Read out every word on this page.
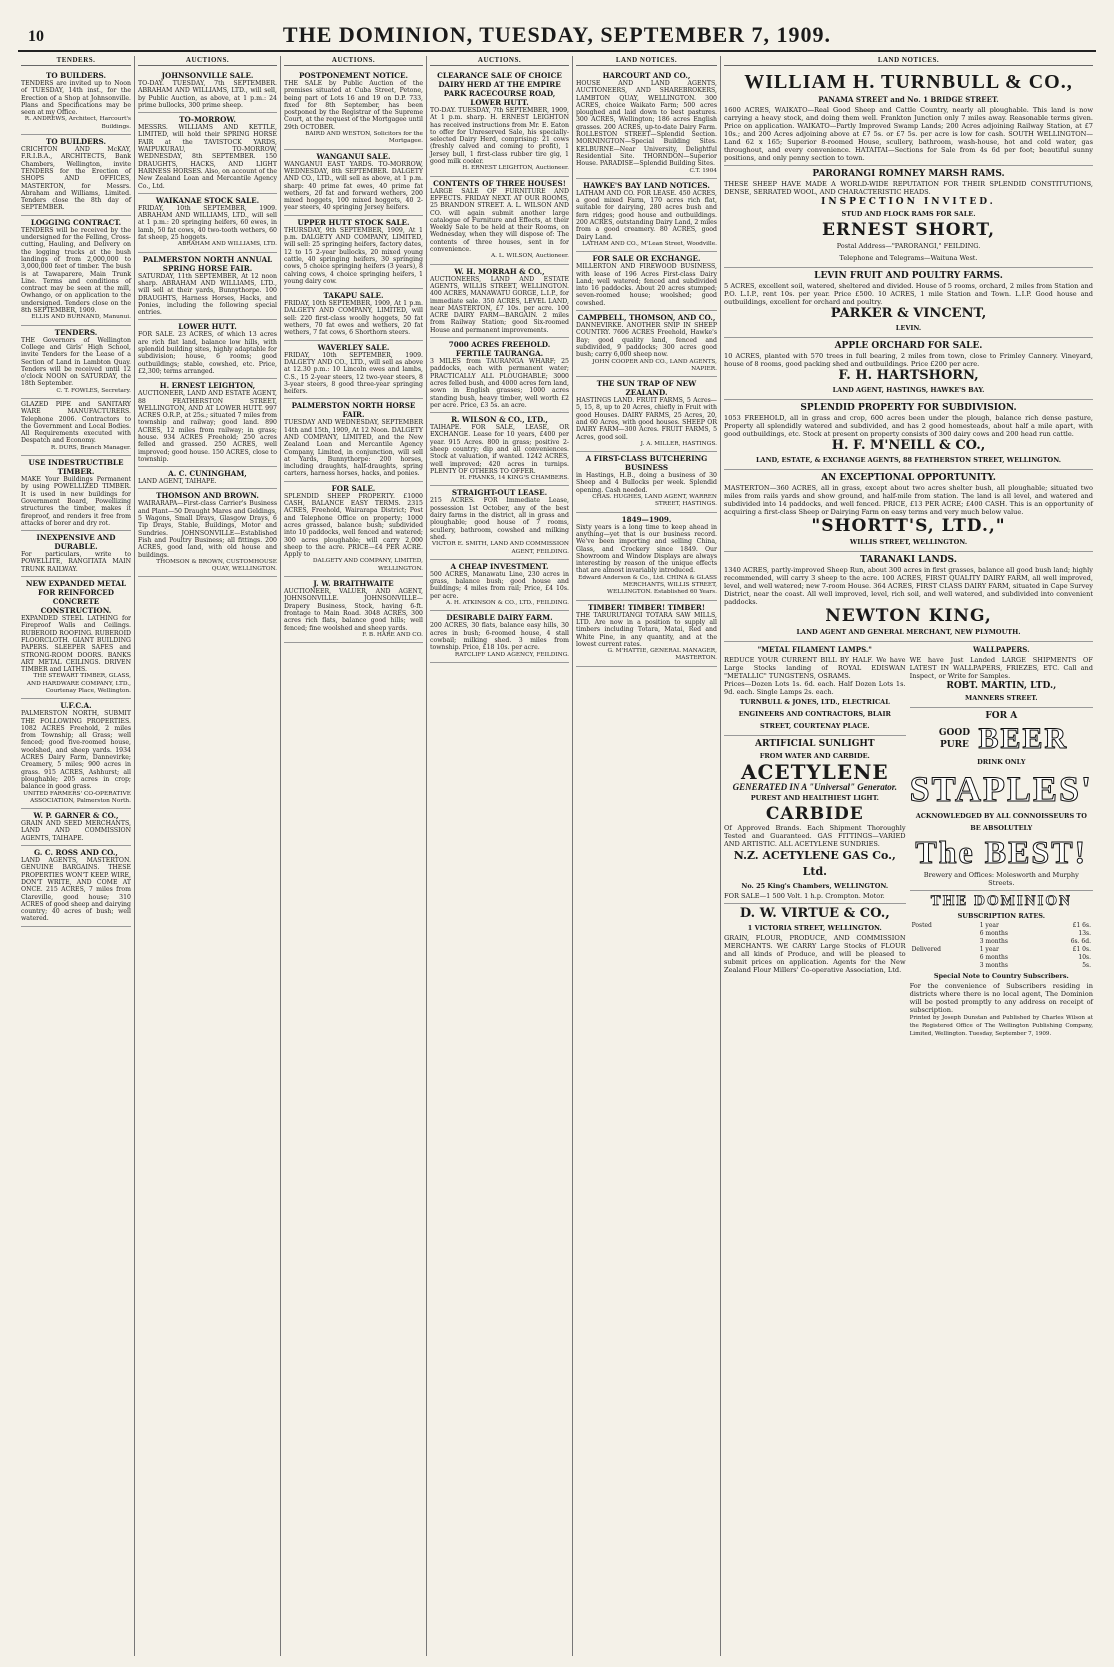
10	THE DOMINION, TUESDAY, SEPTEMBER 7, 1909.
TENDERS.
TO BUILDERS.
TENDERS are invited up to Noon of TUESDAY, 14th inst., for the Erection of a Shop at Johnsonville. Plans and Specifications may be seen at my Office.
R. ANDREWS, Architect, Harcourt's Buildings.
TO BUILDERS.
CRICHTON AND McKAY, F.R.I.B.A., ARCHITECTS, Bank Chambers, Wellington, invite TENDERS for the Erection of SHOPS AND OFFICES, MASTERTON, for Messrs. Abraham and Williams, Limited. Tenders close the 8th day of SEPTEMBER.
LOGGING CONTRACT.
TENDERS will be received by the undersigned for the Felling, Cross-cutting, Hauling, and Delivery on the logging trucks at the bush landings of from 2,000,000 to 3,000,000 feet of timber. The bush is at Tawaparere, Main Trunk Line. Terms and conditions of contract may be seen at the mill, Owhango, or on application to the undersigned. Tenders close on the 8th SEPTEMBER, 1909.
ELLIS AND BURNAND, Manunui.
TENDERS.
THE Governors of Wellington College and Girls' High School, invite Tenders for the Lease of a Section of Land in Lambton Quay. Tenders will be received until 12 o'clock NOON on SATURDAY, the 18th September.
C. T. FOWLES, Secretary.
GLAZED PIPE and SANITARY WARE MANUFACTURERS. Telephone 2006. Contractors to the Government and Local Bodies. All Requirements executed with Despatch and Economy.
R. DURS, Branch Manager.
USE INDESTRUCTIBLE TIMBER.
MAKE Your Buildings Permanent by using POWELLIZED TIMBER. It is used in new buildings for Government Board, Powellizing structures the timber, makes it fireproof, and renders it free from attacks of borer and dry rot.
INEXPENSIVE AND DURABLE.
For particulars, write to POWELLITE, RANGITATA MAIN TRUNK RAILWAY.
NEW EXPANDED METAL FOR REINFORCED CONCRETE CONSTRUCTION.
EXPANDED STEEL LATHING for Fireproof Walls and Ceilings. RUBEROID ROOFING. RUBEROID FLOORCLOTH. GIANT BUILDING PAPERS. SLEEPER SAFES and STRONG-ROOM DOORS. BANKS ART METAL CEILINGS. DRIVEN TIMBER and LATHS.
THE STEWART TIMBER, GLASS, AND HARDWARE COMPANY, LTD., Courtenay Place, Wellington.
U.F.C.A.
PALMERSTON NORTH, SUBMIT THE FOLLOWING PROPERTIES. 1082 ACRES Freehold, 2 miles from Township; all Grass; well fenced; good five-roomed house, woolshed, and sheep yards. 1934 ACRES Dairy Farm, Dannevirke; Creamery, 5 miles; 900 acres in grass. 915 ACRES, Ashhurst; all ploughable; 205 acres in crop; balance in good grass.
UNITED FARMERS' CO-OPERATIVE ASSOCIATION, Palmerston North.
W. P. GARNER & CO.,
GRAIN AND SEED MERCHANTS, LAND AND COMMISSION AGENTS, TAIHAPE.
G. C. ROSS AND CO.,
LAND AGENTS, MASTERTON. GENUINE BARGAINS. THESE PROPERTIES WON'T KEEP. WIRE, DON'T WRITE, AND COME AT ONCE. 215 ACRES, 7 miles from Clareville, good house; 310 ACRES of good sheep and dairying country; 40 acres of bush; well watered.
AUCTIONS.
JOHNSONVILLE SALE.
TO-DAY. TUESDAY, 7th SEPTEMBER. ABRAHAM AND WILLIAMS, LTD., will sell, by Public Auction, as above, at 1 p.m.: 24 prime bullocks, 300 prime sheep.
TO-MORROW.
MESSRS. WILLIAMS AND KETTLE, LIMITED, will hold their SPRING HORSE FAIR at the TAVISTOCK YARDS, WAIPUKURAU, TO-MORROW, WEDNESDAY, 8th SEPTEMBER. 150 DRAUGHTS, HACKS, AND LIGHT HARNESS HORSES. Also, on account of the New Zealand Loan and Mercantile Agency Co., Ltd.
WAIKANAE STOCK SALE.
FRIDAY, 10th SEPTEMBER, 1909. ABRAHAM AND WILLIAMS, LTD., will sell at 1 p.m.: 20 springing heifers, 60 ewes, in lamb, 50 fat cows, 40 two-tooth wethers, 60 fat sheep, 25 hoggets.
ABRAHAM AND WILLIAMS, LTD.
PALMERSTON NORTH ANNUAL SPRING HORSE FAIR.
SATURDAY, 11th SEPTEMBER, At 12 noon sharp. ABRAHAM AND WILLIAMS, LTD., will sell at their yards, Bunnythorpe. 100 DRAUGHTS, Harness Horses, Hacks, and Ponies, including the following special entries.
LOWER HUTT.
FOR SALE. 23 ACRES, of which 13 acres are rich flat land, balance low hills, with splendid building sites, highly adaptable for subdivision; house, 6 rooms; good outbuildings; stable, cowshed, etc. Price, £2,300; terms arranged.
H. ERNEST LEIGHTON,
AUCTIONEER, LAND AND ESTATE AGENT, 88 FEATHERSTON STREET, WELLINGTON, AND AT LOWER HUTT. 997 ACRES O.R.P., at 25s.; situated 7 miles from township and railway; good land. 890 ACRES, 12 miles from railway; in grass; house. 934 ACRES Freehold; 250 acres felled and grassed. 250 ACRES, well improved; good house. 150 ACRES, close to township.
A. C. CUNINGHAM,
LAND AGENT, TAIHAPE.
THOMSON AND BROWN.
WAIRARAPA—First-class Carrier's Business and Plant—50 Draught Mares and Geldings, 5 Wagons, Small Drays, Glasgow Drays, 6 Tip Drays, Stable, Buildings, Motor and Sundries. JOHNSONVILLE—Established Fish and Poultry Business; all fittings. 200 ACRES, good land, with old house and buildings.
THOMSON & BROWN, CUSTOMHOUSE QUAY, WELLINGTON.
AUCTIONS.
POSTPONEMENT NOTICE.
THE SALE by Public Auction of the premises situated at Cuba Street, Petone, being part of Lots 16 and 19 on D.P. 733, fixed for 8th September, has been postponed by the Registrar of the Supreme Court, at the request of the Mortgagee until 29th OCTOBER.
BAIRD AND WESTON, Solicitors for the Mortgagee.
WANGANUI SALE.
WANGANUI EAST YARDS. TO-MORROW, WEDNESDAY, 8th SEPTEMBER. DALGETY AND CO., LTD., will sell as above, at 1 p.m. sharp: 40 prime fat ewes, 40 prime fat wethers, 20 fat and forward wethers, 200 mixed hoggets, 100 mixed hoggets, 40 2-year steers, 40 springing Jersey heifers.
UPPER HUTT STOCK SALE.
THURSDAY, 9th SEPTEMBER, 1909, At 1 p.m. DALGETY AND COMPANY, LIMITED, will sell: 25 springing heifers, factory dates, 12 to 15 2-year bullocks, 20 mixed young cattle, 40 springing heifers, 30 springing cows, 5 choice springing heifers (3 years), 8 calving cows, 4 choice springing heifers, 1 young dairy cow.
TAKAPU SALE.
FRIDAY, 10th SEPTEMBER, 1909, At 1 p.m. DALGETY AND COMPANY, LIMITED, will sell: 220 first-class woolly hoggets, 50 fat wethers, 70 fat ewes and wethers, 20 fat wethers, 7 fat cows, 6 Shorthorn steers.
WAVERLEY SALE.
FRIDAY, 10th SEPTEMBER, 1909. DALGETY AND CO., LTD., will sell as above at 12.30 p.m.: 10 Lincoln ewes and lambs, C.S., 15 2-year steers, 12 two-year steers, 8 3-year steers, 8 good three-year springing heifers.
PALMERSTON NORTH HORSE FAIR.
TUESDAY AND WEDNESDAY, SEPTEMBER 14th and 15th, 1909, At 12 Noon. DALGETY AND COMPANY, LIMITED, and the New Zealand Loan and Mercantile Agency Company, Limited, in conjunction, will sell at Yards, Bunnythorpe: 200 horses, including draughts, half-draughts, spring carters, harness horses, hacks, and ponies.
FOR SALE.
SPLENDID SHEEP PROPERTY. £1000 CASH, BALANCE EASY TERMS. 2315 ACRES, Freehold, Wairarapa District; Post and Telephone Office on property; 1000 acres grassed, balance bush; subdivided into 10 paddocks, well fenced and watered; 300 acres ploughable; will carry 2,000 sheep to the acre. PRICE—£4 PER ACRE. Apply to
DALGETY AND COMPANY, LIMITED, WELLINGTON.
J. W. BRAITHWAITE
AUCTIONEER, VALUER, AND AGENT, JOHNSONVILLE. JOHNSONVILLE—Drapery Business, Stock, having 6-ft. frontage to Main Road. 3048 ACRES, 300 acres rich flats, balance good hills; well fenced; fine woolshed and sheep yards.
F. B. HARE AND CO.
AUCTIONS.
CLEARANCE SALE OF CHOICE DAIRY HERD AT THE EMPIRE PARK RACECOURSE ROAD, LOWER HUTT.
TO-DAY. TUESDAY, 7th SEPTEMBER, 1909, At 1 p.m. sharp. H. ERNEST LEIGHTON has received instructions from Mr. E. Eaton to offer for Unreserved Sale, his specially-selected Dairy Herd, comprising: 21 cows (freshly calved and coming to profit), 1 Jersey bull, 1 first-class rubber tire gig, 1 good milk cooler.
H. ERNEST LEIGHTON, Auctioneer.
CONTENTS OF THREE HOUSES!
LARGE SALE OF FURNITURE AND EFFECTS. FRIDAY NEXT. AT OUR ROOMS, 25 BRANDON STREET. A. L. WILSON AND CO. will again submit another large catalogue of Furniture and Effects, at their Weekly Sale to be held at their Rooms, on Wednesday, when they will dispose of: The contents of three houses, sent in for convenience.
A. L. WILSON, Auctioneer.
W. H. MORRAH & CO.,
AUCTIONEERS, LAND AND ESTATE AGENTS, WILLIS STREET, WELLINGTON. 400 ACRES, MANAWATU GORGE, L.I.P., for immediate sale. 350 ACRES, LEVEL LAND, near MASTERTON, £7 10s. per acre. 100 ACRE DAIRY FARM—BARGAIN. 2 miles from Railway Station; good Six-roomed House and permanent improvements.
7000 ACRES FREEHOLD. FERTILE TAURANGA.
3 MILES from TAURANGA WHARF; 25 paddocks, each with permanent water; PRACTICALLY ALL PLOUGHABLE; 3000 acres felled bush, and 4000 acres fern land, sown in English grasses; 1000 acres standing bush, heavy timber, well worth £2 per acre. Price, £3 5s. an acre.
R. WILSON & CO., LTD.,
TAIHAPE. FOR SALE, LEASE, OR EXCHANGE. Lease for 10 years, £400 per year. 915 Acres. 800 in grass; positive 2-sheep country; dip and all conveniences. Stock at valuation, if wanted. 1242 ACRES, well improved; 420 acres in turnips. PLENTY OF OTHERS TO OFFER.
H. FRANKS, 14 KING'S CHAMBERS.
STRAIGHT-OUT LEASE.
215 ACRES. FOR Immediate Lease, possession 1st October, any of the best dairy farms in the district, all in grass and ploughable; good house of 7 rooms, scullery, bathroom, cowshed and milking shed.
VICTOR E. SMITH, LAND AND COMMISSION AGENT, FEILDING.
A CHEAP INVESTMENT.
500 ACRES, Manawatu Line, 230 acres in grass, balance bush; good house and buildings; 4 miles from rail; Price, £4 10s. per acre.
A. H. ATKINSON & CO., LTD., FEILDING.
DESIRABLE DAIRY FARM.
200 ACRES, 30 flats, balance easy hills, 30 acres in bush; 6-roomed house, 4 stall cowbail; milking shed. 3 miles from township. Price, £18 10s. per acre.
RATCLIFF LAND AGENCY, FEILDING.
LAND NOTICES.
HARCOURT AND CO.,
HOUSE AND LAND AGENTS, AUCTIONEERS, AND SHAREBROKERS, LAMBTON QUAY, WELLINGTON. 300 ACRES, choice Waikato Farm; 500 acres ploughed and laid down to best pastures. 300 ACRES, Wellington; 186 acres English grasses. 200 ACRES, up-to-date Dairy Farm. ROLLESTON STREET—Splendid Section. MORNINGTON—Special Building Sites. KELBURNE—Near University, Delightful Residential Site. THORNDON—Superior House. PARADISE—Splendid Building Sites.
C.T. 1904
HAWKE'S BAY LAND NOTICES.
LATHAM AND CO. FOR LEASE. 450 ACRES, a good mixed Farm, 170 acres rich flat, suitable for dairying, 280 acres bush and fern ridges; good house and outbuildings. 200 ACRES, outstanding Dairy Land, 2 miles from a good creamery. 80 ACRES, good Dairy Land.
LATHAM AND CO., M'Lean Street, Woodville.
FOR SALE OR EXCHANGE.
MILLERTON AND FIREWOOD BUSINESS, with lease of 196 Acres First-class Dairy Land; well watered; fenced and subdivided into 16 paddocks. About 20 acres stumped; seven-roomed house; woolshed; good cowshed.
CAMPBELL, THOMSON, AND CO.,
DANNEVIRKE. ANOTHER SNIP IN SHEEP COUNTRY. 7606 ACRES Freehold, Hawke's Bay; good quality land, fenced and subdivided, 9 paddocks; 300 acres good bush; carry 6,000 sheep now.
JOHN COOPER AND CO., LAND AGENTS, NAPIER.
THE SUN TRAP OF NEW ZEALAND.
HASTINGS LAND. FRUIT FARMS, 5 Acres—5, 15, 8, up to 20 Acres, chiefly in Fruit with good Houses. DAIRY FARMS, 25 Acres, 20, and 60 Acres, with good houses. SHEEP OR DAIRY FARM—300 Acres. FRUIT FARMS, 5 Acres, good soil.
J. A. MILLER, HASTINGS.
A FIRST-CLASS BUTCHERING BUSINESS
in Hastings, H.B., doing a business of 30 Sheep and 4 Bullocks per week. Splendid opening. Cash needed.
CHAS. HUGHES, LAND AGENT, WARREN STREET, HASTINGS.
1849—1909.
Sixty years is a long time to keep ahead in anything—yet that is our business record. We've been importing and selling China, Glass, and Crockery since 1849. Our Showroom and Window Displays are always interesting by reason of the unique effects that are almost invariably introduced.
Edward Anderson & Co., Ltd. CHINA & GLASS MERCHANTS, WILLIS STREET, WELLINGTON. Established 60 Years.
TIMBER! TIMBER! TIMBER!
THE TARURUTANGI TOTARA SAW MILLS, LTD. Are now in a position to supply all timbers including Totara, Matai, Red and White Pine, in any quantity, and at the lowest current rates.
G. M'HATTIE, GENERAL MANAGER, MASTERTON.
LAND NOTICES.
WILLIAM H. TURNBULL & CO.,
PANAMA STREET and No. 1 BRIDGE STREET.
1600 ACRES, WAIKATO—Real Good Sheep and Cattle Country, nearly all ploughable. This land is now carrying a heavy stock, and doing them well. Frankton Junction only 7 miles away. Reasonable terms given. Price on application. WAIKATO—Partly Improved Swamp Lands; 200 Acres adjoining Railway Station, at £7 10s.; and 200 Acres adjoining above at £7 5s. or £7 5s. per acre is low for cash. SOUTH WELLINGTON—Land 62 x 165; Superior 8-roomed House, scullery, bathroom, wash-house, hot and cold water, gas throughout, and every convenience. HATAITAI—Sections for Sale from 4s 6d per foot; beautiful sunny positions, and only penny section to town.
PARORANGI ROMNEY MARSH RAMS.
THESE SHEEP HAVE MADE A WORLD-WIDE REPUTATION FOR THEIR SPLENDID CONSTITUTIONS, DENSE, SERRATED WOOL, AND CHARACTERISTIC HEADS.
INSPECTION INVITED.
STUD AND FLOCK RAMS FOR SALE.
ERNEST SHORT,
Postal Address—"PARORANGI," FEILDING.
Telephone and Telegrams—Waituna West.
LEVIN FRUIT AND POULTRY FARMS.
5 ACRES, excellent soil, watered, sheltered and divided. House of 5 rooms, orchard, 2 miles from Station and P.O. L.I.P., rent 10s. per year. Price £500. 10 ACRES, 1 mile Station and Town. L.I.P. Good house and outbuildings, excellent for orchard and poultry.
PARKER & VINCENT,
LEVIN.
APPLE ORCHARD FOR SALE.
10 ACRES, planted with 570 trees in full bearing, 2 miles from town, close to Frimley Cannery. Vineyard, house of 8 rooms, good packing shed and outbuildings. Price £200 per acre.
F. H. HARTSHORN,
LAND AGENT, HASTINGS, HAWKE'S BAY.
SPLENDID PROPERTY FOR SUBDIVISION.
1053 FREEHOLD, all in grass and crop, 600 acres been under the plough, balance rich dense pasture, Property all splendidly watered and subdivided, and has 2 good homesteads, about half a mile apart, with good outbuildings, etc. Stock at present on property consists of 300 dairy cows and 200 head run cattle.
H. F. M'NEILL & CO.,
LAND, ESTATE, & EXCHANGE AGENTS, 88 FEATHERSTON STREET, WELLINGTON.
AN EXCEPTIONAL OPPORTUNITY.
MASTERTON—360 ACRES, all in grass, except about two acres shelter bush, all ploughable; situated two miles from rails yards and show ground, and half-mile from station. The land is all level, and watered and subdivided into 14 paddocks, and well fenced. PRICE, £13 PER ACRE; £400 CASH. This is an opportunity of acquiring a first-class Sheep or Dairying Farm on easy terms and very much below value.
"SHORTT'S, LTD.,"
WILLIS STREET, WELLINGTON.
TARANAKI LANDS.
1340 ACRES, partly-improved Sheep Run, about 300 acres in first grasses, balance all good bush land; highly recommended, will carry 3 sheep to the acre. 100 ACRES, FIRST QUALITY DAIRY FARM, all well improved, level, and well watered; new 7-room House. 364 ACRES, FIRST CLASS DAIRY FARM, situated in Cape Survey District, near the coast. All well improved, level, rich soil, and well watered, and subdivided into convenient paddocks.
NEWTON KING,
LAND AGENT AND GENERAL MERCHANT, NEW PLYMOUTH.
"METAL FILAMENT LAMPS."
REDUCE YOUR CURRENT BILL BY HALF. We have Large Stocks landing of ROYAL EDISWAN "METALLIC" TUNGSTENS, OSRAMS.
Prices—Dozen Lots 1s. 6d. each. Half Dozen Lots 1s. 9d. each. Single Lamps 2s. each.
TURNBULL & JONES, LTD., ELECTRICAL ENGINEERS AND CONTRACTORS, BLAIR STREET, COURTENAY PLACE.
ARTIFICIAL SUNLIGHT
FROM WATER AND CARBIDE.
ACETYLENE
GENERATED IN A "Universal" Generator.
PUREST AND HEALTHIEST LIGHT.
CARBIDE
Of Approved Brands. Each Shipment Thoroughly Tested and Guaranteed. GAS FITTINGS—VARIED AND ARTISTIC. ALL ACETYLENE SUNDRIES.
N.Z. ACETYLENE GAS Co., Ltd.
No. 25 King's Chambers, WELLINGTON.
FOR SALE—1 500 Volt. 1 h.p. Crompton. Motor.
D. W. VIRTUE & CO.,
1 VICTORIA STREET, WELLINGTON.
GRAIN, FLOUR, PRODUCE, AND COMMISSION MERCHANTS. WE CARRY Large Stocks of FLOUR and all kinds of Produce, and will be pleased to submit prices on application. Agents for the New Zealand Flour Millers' Co-operative Association, Ltd.
WALLPAPERS.
WE have Just Landed LARGE SHIPMENTS OF LATEST IN WALLPAPERS, FRIEZES, ETC. Call and Inspect, or Write for Samples.
ROBT. MARTIN, LTD.,
MANNERS STREET.
FOR A
GOOD PURE BEER
DRINK ONLY
STAPLES'
ACKNOWLEDGED BY ALL CONNOISSEURS TO BE ABSOLUTELY
The BEST!
Brewery and Offices: Molesworth and Murphy Streets.
THE DOMINION
SUBSCRIPTION RATES.
Posted	1 year	£1 6s.
	6 months	13s.
	3 months	6s. 6d.
Delivered	1 year	£1 0s.
	6 months	10s.
	3 months	5s.
Special Note to Country Subscribers.
For the convenience of Subscribers residing in districts where there is no local agent, The Dominion will be posted promptly to any address on receipt of subscription.
Printed by Joseph Dunstan and Published by Charles Wilson at the Registered Office of The Wellington Publishing Company, Limited, Wellington. Tuesday, September 7, 1909.
